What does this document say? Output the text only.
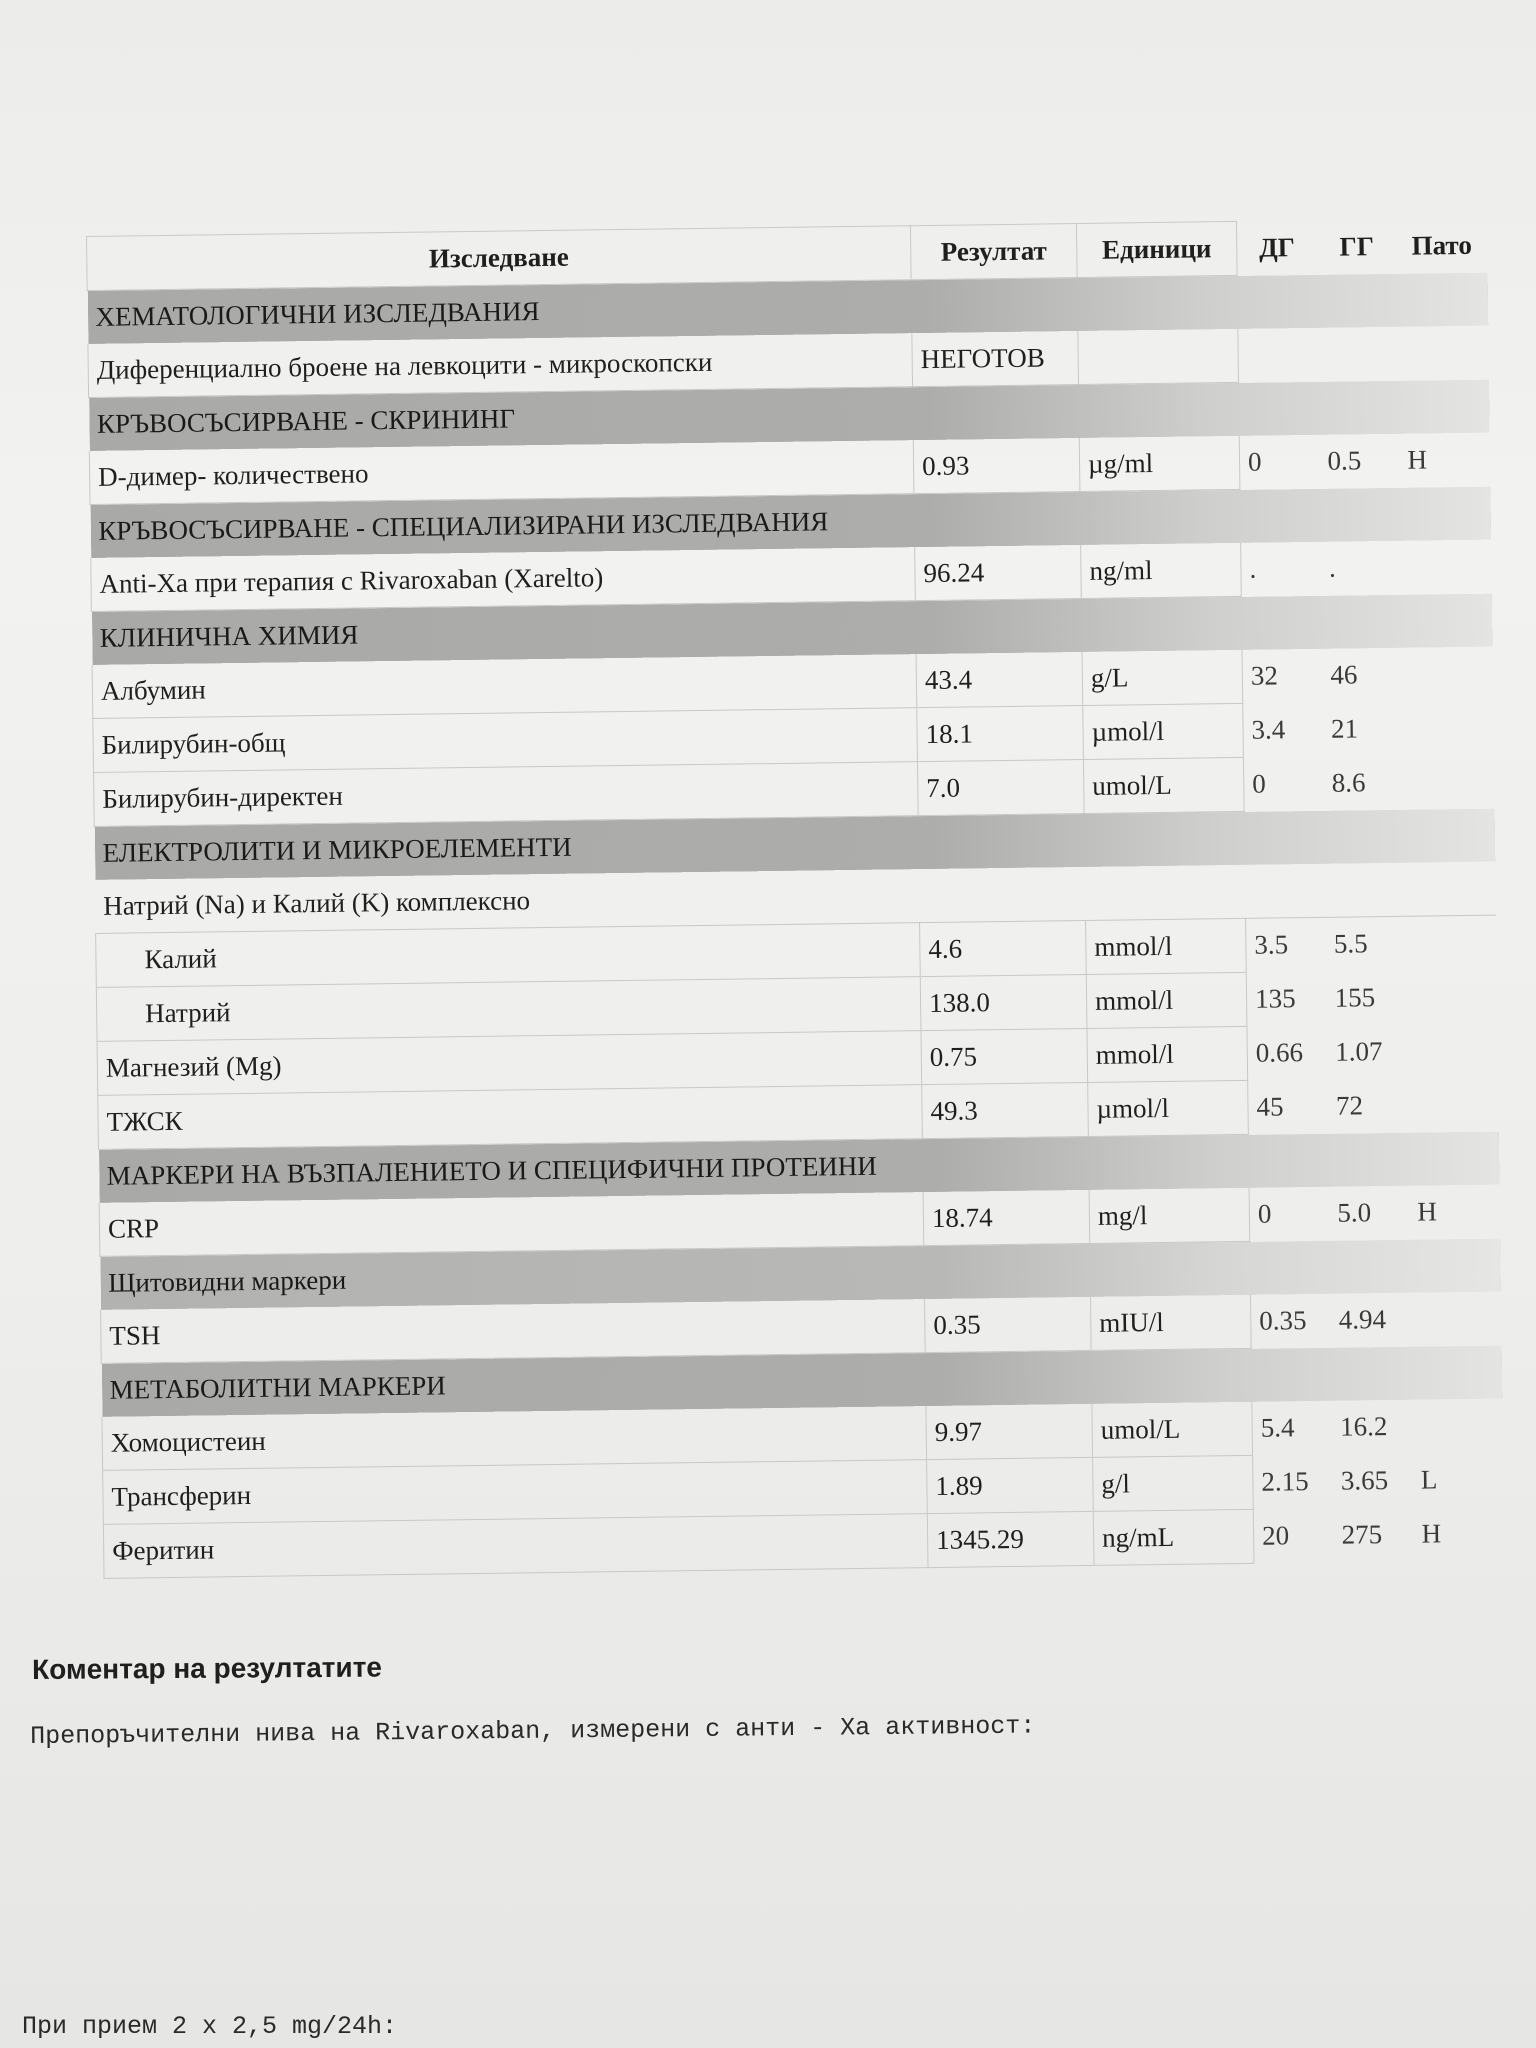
Изследване	Резултат	Единици	ДГ	ГГ	Пато
ХЕМАТОЛОГИЧНИ ИЗСЛЕДВАНИЯ					
Диференциално броене на левкоцити - микроскопски	НЕГОТОВ				
КРЪВОСЪСИРВАНЕ - СКРИНИНГ					
D-димер- количествено	0.93	µg/ml	0	0.5	H
КРЪВОСЪСИРВАНЕ - СПЕЦИАЛИЗИРАНИ ИЗСЛЕДВАНИЯ					
Anti-Xa при терапия с Rivaroxaban (Xarelto)	96.24	ng/ml	.	.	
КЛИНИЧНА ХИМИЯ					
Албумин	43.4	g/L	32	46	
Билирубин-общ	18.1	µmol/l	3.4	21	
Билирубин-директен	7.0	umol/L	0	8.6	
ЕЛЕКТРОЛИТИ И МИКРОЕЛЕМЕНТИ					
Натрий (Na) и Калий (K) комплексно					
Калий	4.6	mmol/l	3.5	5.5	
Натрий	138.0	mmol/l	135	155	
Магнезий (Mg)	0.75	mmol/l	0.66	1.07	
ТЖСК	49.3	µmol/l	45	72	
МАРКЕРИ НА ВЪЗПАЛЕНИЕТО И СПЕЦИФИЧНИ ПРОТЕИНИ					
CRP	18.74	mg/l	0	5.0	H
Щитовидни маркери					
TSH	0.35	mIU/l	0.35	4.94	
МЕТАБОЛИТНИ МАРКЕРИ					
Хомоцистеин	9.97	umol/L	5.4	16.2	
Трансферин	1.89	g/l	2.15	3.65	L
Феритин	1345.29	ng/mL	20	275	H
Коментар на резултатите
Препоръчителни нива на Rivaroxaban, измерени с анти - Ха активност:
При прием 2 x 2,5 mg/24h:
